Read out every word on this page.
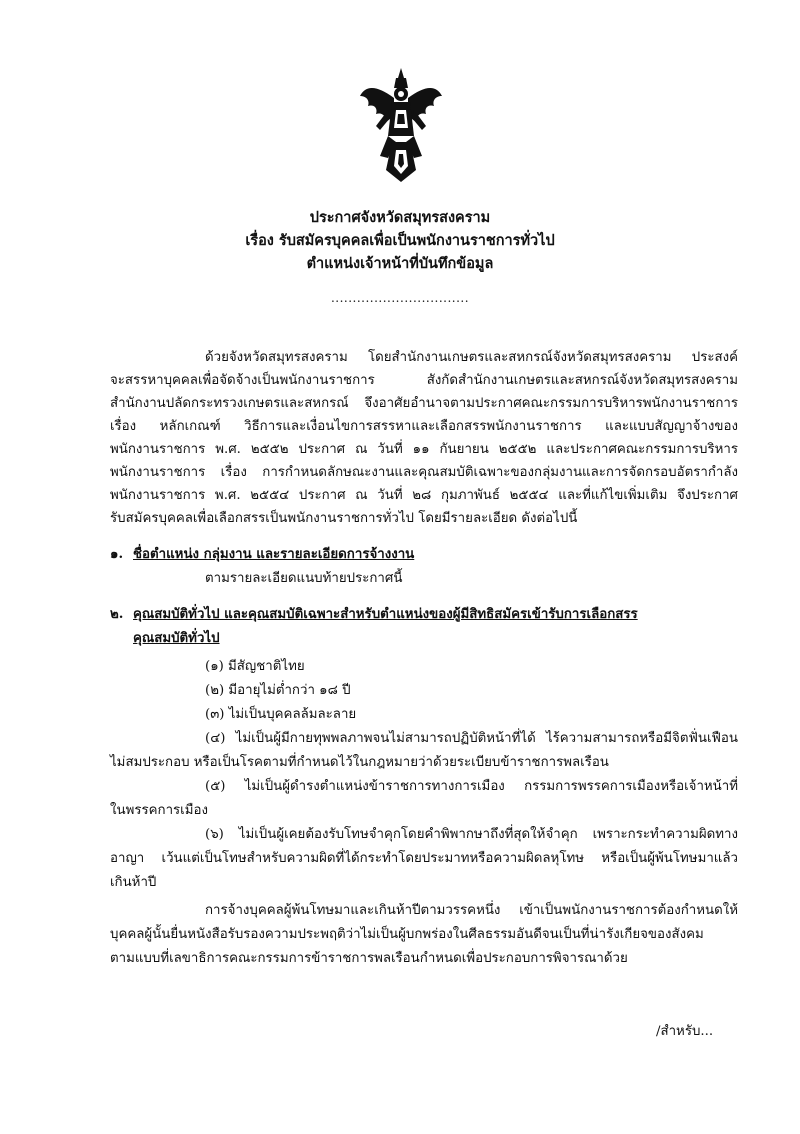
ประกาศจังหวัดสมุทรสงคราม
เรื่อง รับสมัครบุคคลเพื่อเป็นพนักงานราชการทั่วไป
ตำแหน่งเจ้าหน้าที่บันทึกข้อมูล
................................
ด้วยจังหวัดสมุทรสงคราม โดยสำนักงานเกษตรและสหกรณ์จังหวัดสมุทรสงคราม ประสงค์
จะสรรหาบุคคลเพื่อจัดจ้างเป็นพนักงานราชการ สังกัดสำนักงานเกษตรและสหกรณ์จังหวัดสมุทรสงคราม
สำนักงานปลัดกระทรวงเกษตรและสหกรณ์ จึงอาศัยอำนาจตามประกาศคณะกรรมการบริหารพนักงานราชการ
เรื่อง หลักเกณฑ์ วิธีการและเงื่อนไขการสรรหาและเลือกสรรพนักงานราชการ และแบบสัญญาจ้างของ
พนักงานราชการ พ.ศ. ๒๕๕๒ ประกาศ ณ วันที่ ๑๑ กันยายน ๒๕๕๒ และประกาศคณะกรรมการบริหาร
พนักงานราชการ เรื่อง การกำหนดลักษณะงานและคุณสมบัติเฉพาะของกลุ่มงานและการจัดกรอบอัตรากำลัง
พนักงานราชการ พ.ศ. ๒๕๕๔ ประกาศ ณ วันที่ ๒๘ กุมภาพันธ์ ๒๕๕๔ และที่แก้ไขเพิ่มเติม จึงประกาศ
รับสมัครบุคคลเพื่อเลือกสรรเป็นพนักงานราชการทั่วไป โดยมีรายละเอียด ดังต่อไปนี้
๑. ชื่อตำแหน่ง กลุ่มงาน และรายละเอียดการจ้างงาน
ตามรายละเอียดแนบท้ายประกาศนี้
๒. คุณสมบัติทั่วไป และคุณสมบัติเฉพาะสำหรับตำแหน่งของผู้มีสิทธิสมัครเข้ารับการเลือกสรร
คุณสมบัติทั่วไป
(๑) มีสัญชาติไทย
(๒) มีอายุไม่ต่ำกว่า ๑๘ ปี
(๓) ไม่เป็นบุคคลล้มละลาย
(๔) ไม่เป็นผู้มีกายทุพพลภาพจนไม่สามารถปฏิบัติหน้าที่ได้ ไร้ความสามารถหรือมีจิตฟั่นเฟือน
ไม่สมประกอบ หรือเป็นโรคตามที่กำหนดไว้ในกฎหมายว่าด้วยระเบียบข้าราชการพลเรือน
(๕) ไม่เป็นผู้ดำรงตำแหน่งข้าราชการทางการเมือง กรรมการพรรคการเมืองหรือเจ้าหน้าที่
ในพรรคการเมือง
(๖) ไม่เป็นผู้เคยต้องรับโทษจำคุกโดยคำพิพากษาถึงที่สุดให้จำคุก เพราะกระทำความผิดทาง
อาญา เว้นแต่เป็นโทษสำหรับความผิดที่ได้กระทำโดยประมาทหรือความผิดลหุโทษ หรือเป็นผู้พ้นโทษมาแล้ว
เกินห้าปี
การจ้างบุคคลผู้พ้นโทษมาและเกินห้าปีตามวรรคหนึ่ง เข้าเป็นพนักงานราชการต้องกำหนดให้
บุคคลผู้นั้นยื่นหนังสือรับรองความประพฤติว่าไม่เป็นผู้บกพร่องในศีลธรรมอันดีจนเป็นที่น่ารังเกียจของสังคม
ตามแบบที่เลขาธิการคณะกรรมการข้าราชการพลเรือนกำหนดเพื่อประกอบการพิจารณาด้วย
/สำหรับ...
